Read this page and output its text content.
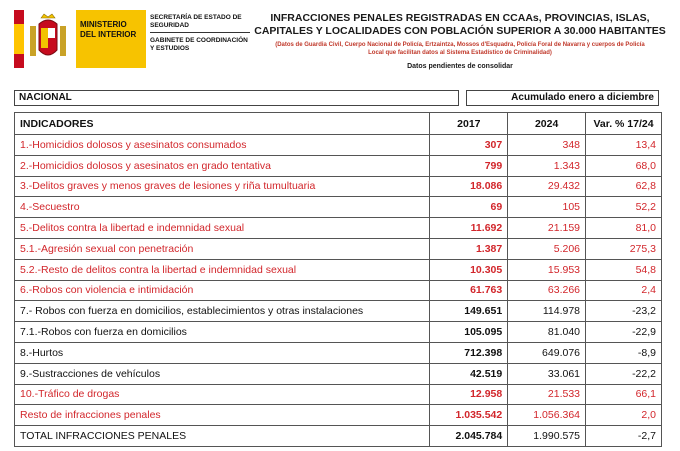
MINISTERIO
DEL INTERIOR
SECRETARÍA DE ESTADO DE SEGURIDAD
GABINETE DE COORDINACIÓN Y ESTUDIOS
INFRACCIONES PENALES REGISTRADAS EN CCAAs, PROVINCIAS, ISLAS, CAPITALES Y LOCALIDADES CON POBLACIÓN SUPERIOR A 30.000 HABITANTES
(Datos de Guardia Civil, Cuerpo Nacional de Policía, Ertzaintza, Mossos d'Esquadra, Policía Foral de Navarra y cuerpos de Policía Local que facilitan datos al Sistema Estadístico de Criminalidad)
Datos pendientes de consolidar
NACIONAL	Acumulado enero a diciembre
INDICADORES	2017	2024	Var. % 17/24
1.-Homicidios dolosos y asesinatos consumados	307	348	13,4
2.-Homicidios dolosos y asesinatos en grado tentativa	799	1.343	68,0
3.-Delitos graves y menos graves de lesiones y riña tumultuaria	18.086	29.432	62,8
4.-Secuestro	69	105	52,2
5.-Delitos contra la libertad e indemnidad sexual	11.692	21.159	81,0
5.1.-Agresión sexual con penetración	1.387	5.206	275,3
5.2.-Resto de delitos contra la libertad e indemnidad sexual	10.305	15.953	54,8
6.-Robos con violencia e intimidación	61.763	63.266	2,4
7.- Robos con fuerza en domicilios, establecimientos y otras instalaciones	149.651	114.978	-23,2
7.1.-Robos con fuerza en domicilios	105.095	81.040	-22,9
8.-Hurtos	712.398	649.076	-8,9
9.-Sustracciones de vehículos	42.519	33.061	-22,2
10.-Tráfico de drogas	12.958	21.533	66,1
Resto de infracciones penales	1.035.542	1.056.364	2,0
TOTAL INFRACCIONES PENALES	2.045.784	1.990.575	-2,7
